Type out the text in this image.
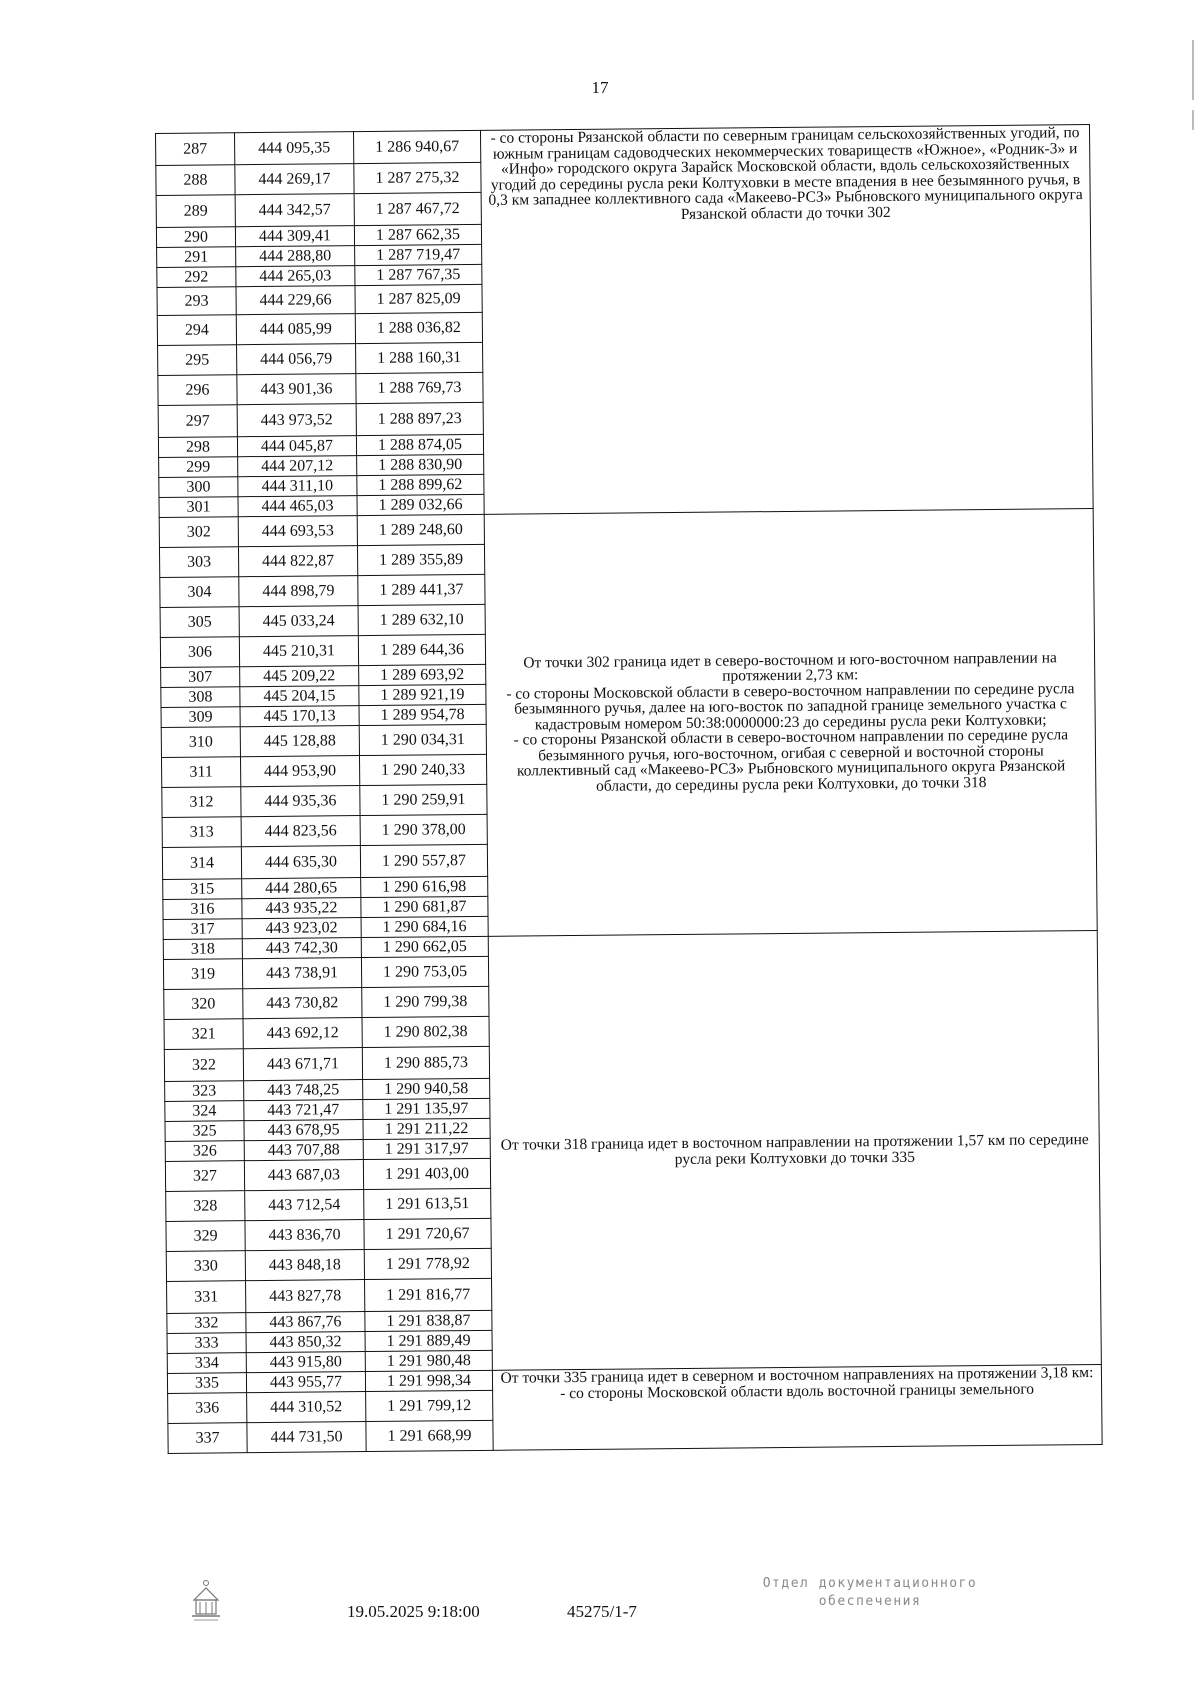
17
287	444 095,35	1 286 940,67	- со стороны Рязанской области по северным границам сельскохозяйственных угодий, по южным границам садоводческих некоммерческих товариществ «Южное», «Родник-3» и «Инфо» городского округа Зарайск Московской области, вдоль сельскохозяйственных угодий до середины русла реки Колтуховки в месте впадения в нее безымянного ручья, в 0,3 км западнее коллективного сада «Макеево-РСЗ» Рыбновского муниципального округа Рязанской области до точки 302
288	444 269,17	1 287 275,32	
289	444 342,57	1 287 467,72	
290	444 309,41	1 287 662,35	
291	444 288,80	1 287 719,47	
292	444 265,03	1 287 767,35	
293	444 229,66	1 287 825,09	
294	444 085,99	1 288 036,82	
295	444 056,79	1 288 160,31	
296	443 901,36	1 288 769,73	
297	443 973,52	1 288 897,23	
298	444 045,87	1 288 874,05	
299	444 207,12	1 288 830,90	
300	444 311,10	1 288 899,62	
301	444 465,03	1 289 032,66	
302	444 693,53	1 289 248,60	От точки 302 граница идет в северо-восточном и юго-восточном направлении на протяжении 2,73 км:
- со стороны Московской области в северо-восточном направлении по середине русла безымянного ручья, далее на юго-восток по западной границе земельного участка с кадастровым номером 50:38:0000000:23 до середины русла реки Колтуховки;
- со стороны Рязанской области в северо-восточном направлении по середине русла безымянного ручья, юго-восточном, огибая с северной и восточной стороны коллективный сад «Макеево-РСЗ» Рыбновского муниципального округа Рязанской области, до середины русла реки Колтуховки, до точки 318
303	444 822,87	1 289 355,89	
304	444 898,79	1 289 441,37	
305	445 033,24	1 289 632,10	
306	445 210,31	1 289 644,36	
307	445 209,22	1 289 693,92	
308	445 204,15	1 289 921,19	
309	445 170,13	1 289 954,78	
310	445 128,88	1 290 034,31	
311	444 953,90	1 290 240,33	
312	444 935,36	1 290 259,91	
313	444 823,56	1 290 378,00	
314	444 635,30	1 290 557,87	
315	444 280,65	1 290 616,98	
316	443 935,22	1 290 681,87	
317	443 923,02	1 290 684,16	
318	443 742,30	1 290 662,05	От точки 318 граница идет в восточном направлении на протяжении 1,57 км по середине русла реки Колтуховки до точки 335
319	443 738,91	1 290 753,05	
320	443 730,82	1 290 799,38	
321	443 692,12	1 290 802,38	
322	443 671,71	1 290 885,73	
323	443 748,25	1 290 940,58	
324	443 721,47	1 291 135,97	
325	443 678,95	1 291 211,22	
326	443 707,88	1 291 317,97	
327	443 687,03	1 291 403,00	
328	443 712,54	1 291 613,51	
329	443 836,70	1 291 720,67	
330	443 848,18	1 291 778,92	
331	443 827,78	1 291 816,77	
332	443 867,76	1 291 838,87	
333	443 850,32	1 291 889,49	
334	443 915,80	1 291 980,48	
335	443 955,77	1 291 998,34	От точки 335 граница идет в северном и восточном направлениях на протяжении 3,18 км:
- со стороны Московской области вдоль восточной границы земельного
336	444 310,52	1 291 799,12	
337	444 731,50	1 291 668,99	
19.05.2025 9:18:00	45275/1-7
Отдел документационного
обеспечения
